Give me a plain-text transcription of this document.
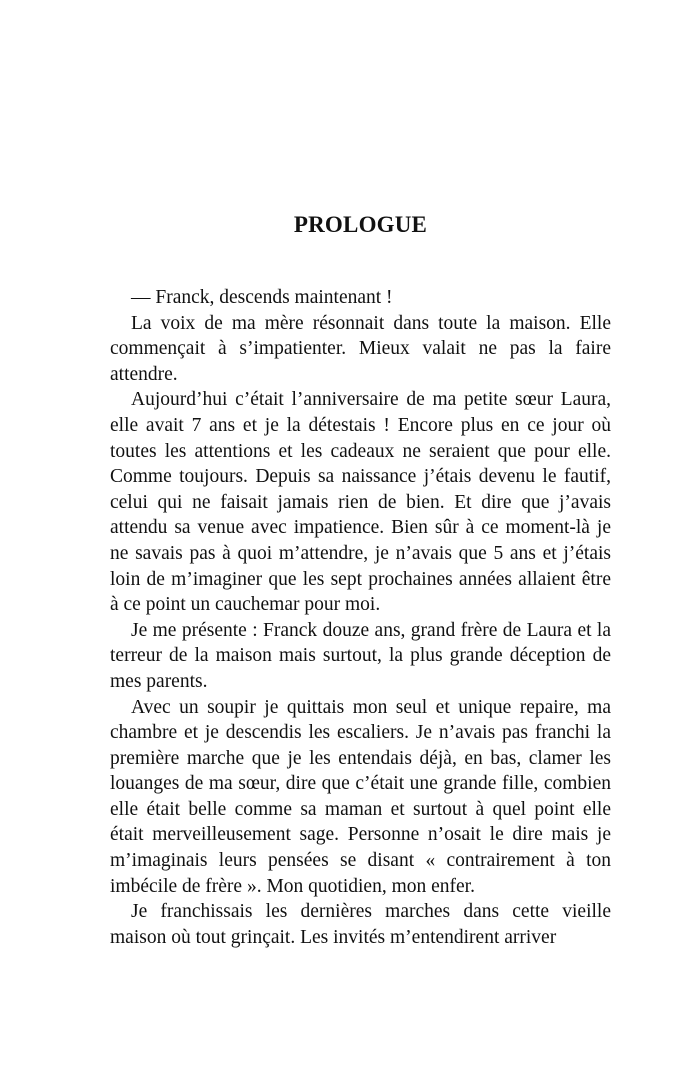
PROLOGUE

— Franck, descends maintenant !

La voix de ma mère résonnait dans toute la maison. Elle commençait à s’impatienter. Mieux valait ne pas la faire attendre.

Aujourd’hui c’était l’anniversaire de ma petite sœur Laura, elle avait 7 ans et je la détestais ! Encore plus en ce jour où toutes les attentions et les cadeaux ne seraient que pour elle. Comme toujours. Depuis sa naissance j’étais devenu le fautif, celui qui ne faisait jamais rien de bien. Et dire que j’avais attendu sa venue avec impatience. Bien sûr à ce moment-là je ne savais pas à quoi m’attendre, je n’avais que 5 ans et j’étais loin de m’imaginer que les sept prochaines années allaient être à ce point un cauchemar pour moi.

Je me présente : Franck douze ans, grand frère de Laura et la terreur de la maison mais surtout, la plus grande déception de mes parents.

Avec un soupir je quittais mon seul et unique repaire, ma chambre et je descendis les escaliers. Je n’avais pas franchi la première marche que je les entendais déjà, en bas, clamer les louanges de ma sœur, dire que c’était une grande fille, combien elle était belle comme sa maman et surtout à quel point elle était merveilleusement sage. Personne n’osait le dire mais je m’imaginais leurs pensées se disant « contrairement à ton imbécile de frère ». Mon quotidien, mon enfer.

Je franchissais les dernières marches dans cette vieille maison où tout grinçait. Les invités m’entendirent arriver
